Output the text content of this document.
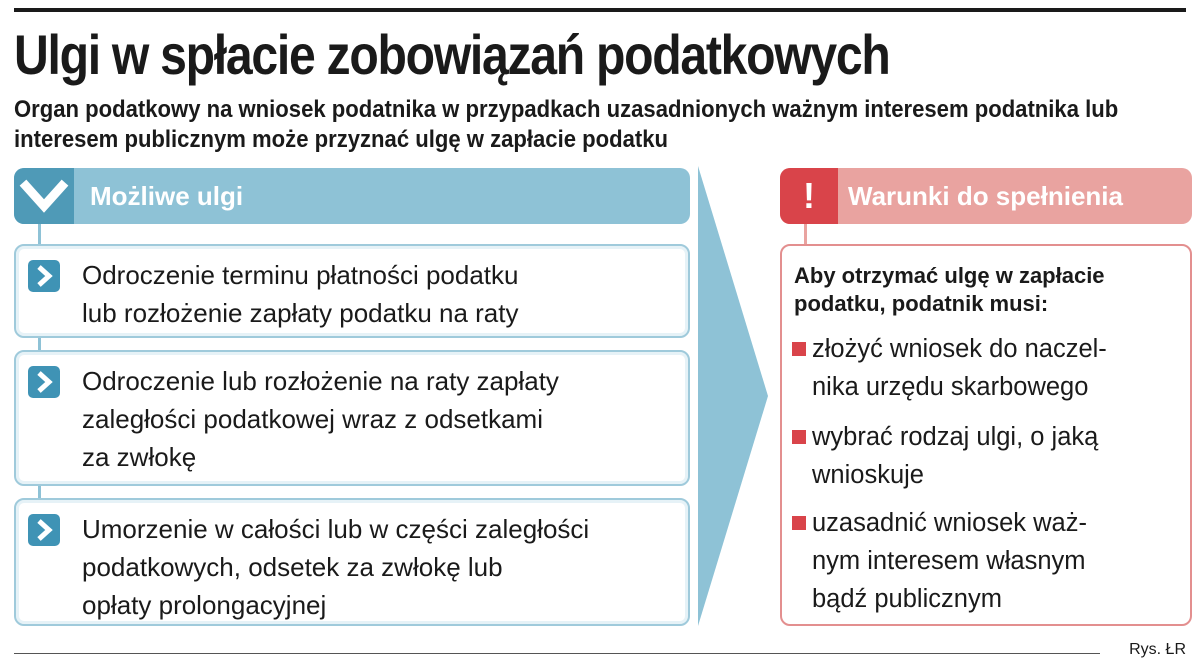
Ulgi w spłacie zobowiązań podatkowych
Organ podatkowy na wniosek podatnika w przypadkach uzasadnionych ważnym interesem podatnika lub interesem publicznym może przyznać ulgę w zapłacie podatku
Możliwe ulgi
Odroczenie terminu płatności podatku
lub rozłożenie zapłaty podatku na raty
Odroczenie lub rozłożenie na raty zapłaty
zaległości podatkowej wraz z odsetkami
za zwłokę
Umorzenie w całości lub w części zaległości
podatkowych, odsetek za zwłokę lub
opłaty prolongacyjnej
!	Warunki do spełnienia
Aby otrzymać ulgę w zapłacie
podatku, podatnik musi:
złożyć wniosek do naczel-
nika urzędu skarbowego
wybrać rodzaj ulgi, o jaką
wnioskuje
uzasadnić wniosek waż-
nym interesem własnym
bądź publicznym
Rys. ŁR
